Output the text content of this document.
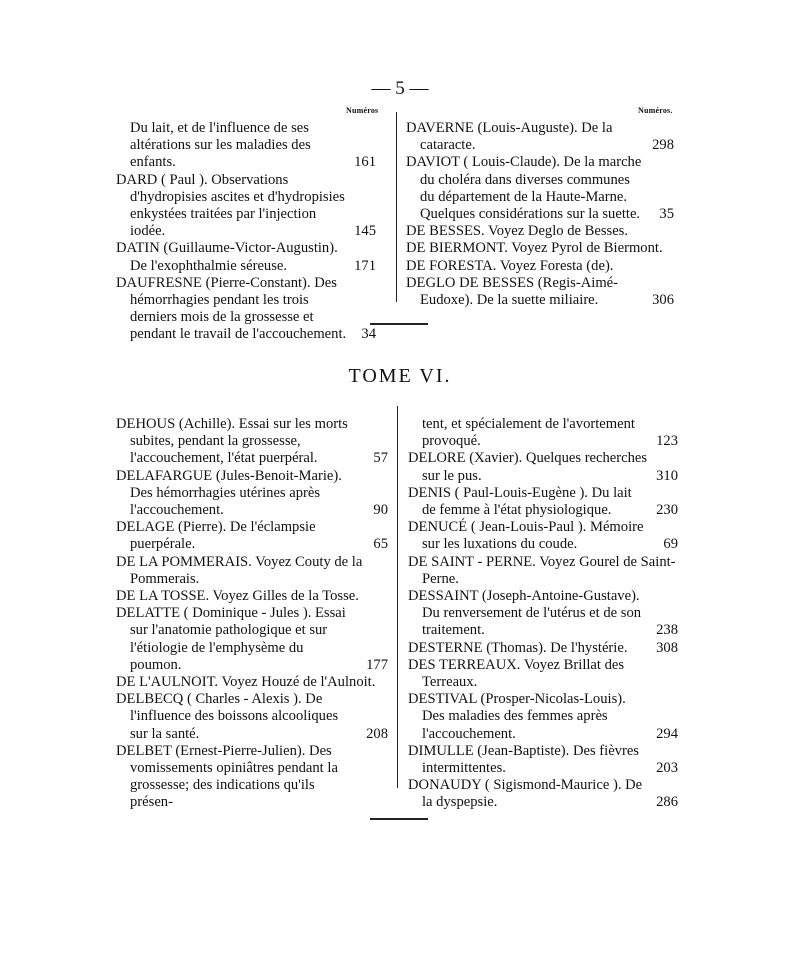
— 5 —
Numéros	Numéros.
Du lait, et de l'influence de ses altérations sur les maladies des enfants.	161
DARD ( Paul ). Observations d'hydropisies ascites et d'hydropisies enkystées traitées par l'injection iodée.	145
DATIN (Guillaume-Victor-Augustin). De l'exophthalmie séreuse.	171
DAUFRESNE (Pierre-Constant). Des hémorrhagies pendant les trois derniers mois de la grossesse et pendant le travail de l'accouchement. 34
DAVERNE (Louis-Auguste). De la cataracte.	298
DAVIOT ( Louis-Claude). De la marche du choléra dans diverses communes du département de la Haute-Marne. Quelques considérations sur la suette. 35
DE BESSES. Voyez Deglo de Besses.
DE BIERMONT. Voyez Pyrol de Biermont.
DE FORESTA. Voyez Foresta (de).
DEGLO DE BESSES (Regis-Aimé-Eudoxe). De la suette miliaire.	306
TOME VI.
DEHOUS (Achille). Essai sur les morts subites, pendant la grossesse, l'accouchement, l'état puerpéral.	57
DELAFARGUE (Jules-Benoit-Marie). Des hémorrhagies utérines après l'accouchement.	90
DELAGE (Pierre). De l'éclampsie puerpérale.	65
DE LA POMMERAIS. Voyez Couty de la Pommerais.
DE LA TOSSE. Voyez Gilles de la Tosse.
DELATTE ( Dominique - Jules ). Essai sur l'anatomie pathologique et sur l'étiologie de l'emphysème du poumon.	177
DE L'AULNOIT. Voyez Houzé de l'Aulnoit.
DELBECQ ( Charles - Alexis ). De l'influence des boissons alcooliques sur la santé.	208
DELBET (Ernest-Pierre-Julien). Des vomissements opiniâtres pendant la grossesse; des indications qu'ils présen-
tent, et spécialement de l'avortement provoqué.	123
DELORE (Xavier). Quelques recherches sur le pus.	310
DENIS ( Paul-Louis-Eugène ). Du lait de femme à l'état physiologique.	230
DENUCÉ ( Jean-Louis-Paul ). Mémoire sur les luxations du coude.	69
DE SAINT - PERNE. Voyez Gourel de Saint-Perne.
DESSAINT (Joseph-Antoine-Gustave). Du renversement de l'utérus et de son traitement.	238
DESTERNE (Thomas). De l'hystérie.	308
DES TERREAUX. Voyez Brillat des Terreaux.
DESTIVAL (Prosper-Nicolas-Louis). Des maladies des femmes après l'accouchement.	294
DIMULLE (Jean-Baptiste). Des fièvres intermittentes.	203
DONAUDY ( Sigismond-Maurice ). De la dyspepsie.	286
